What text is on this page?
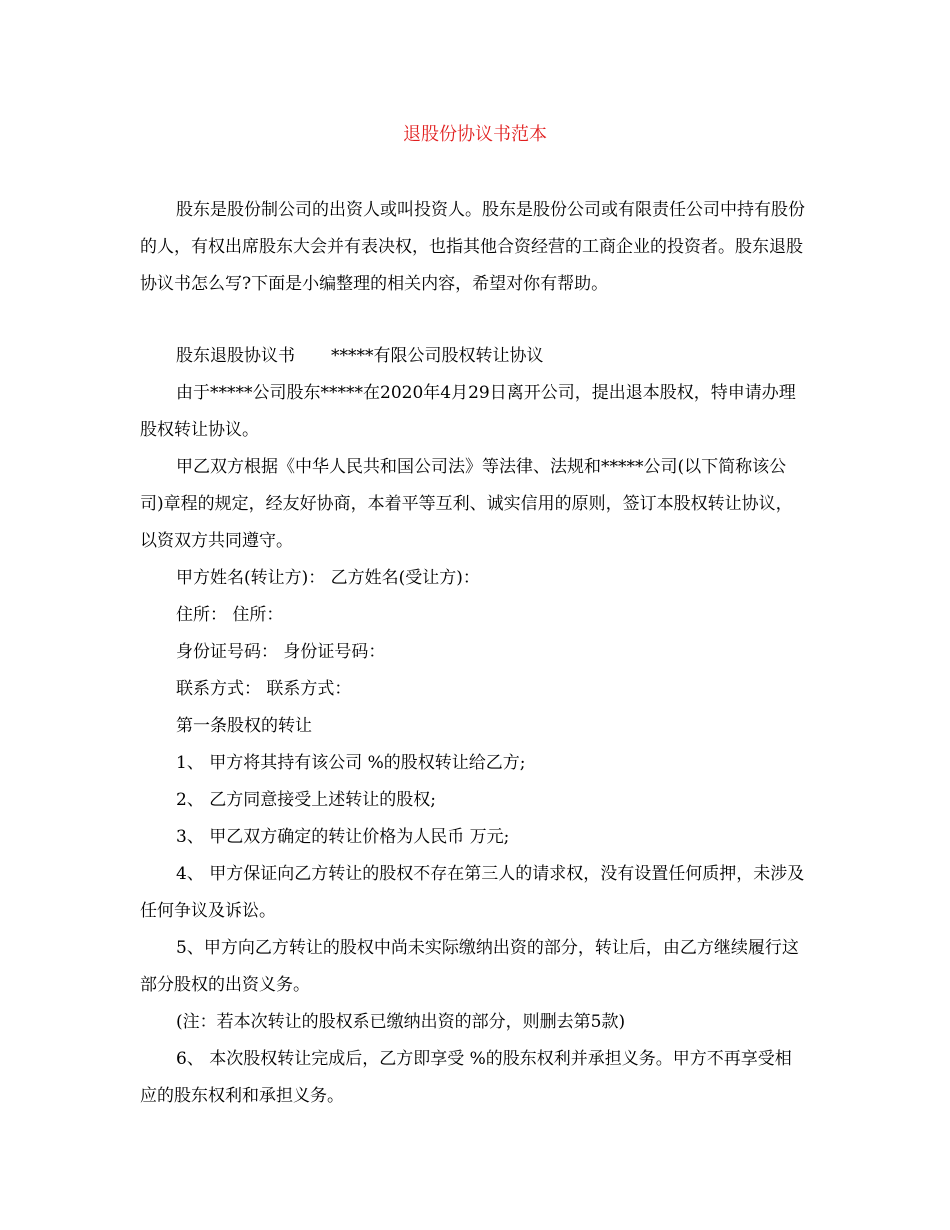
退股份协议书范本

股东是股份制公司的出资人或叫投资人。股东是股份公司或有限责任公司中持有股份的人，有权出席股东大会并有表决权，也指其他合资经营的工商企业的投资者。股东退股协议书怎么写?下面是小编整理的相关内容，希望对你有帮助。

股东退股协议书 *****有限公司股权转让协议

由于*****公司股东*****在2020年4月29日离开公司，提出退本股权，特申请办理股权转让协议。

甲乙双方根据《中华人民共和国公司法》等法律、法规和*****公司(以下简称该公司)章程的规定，经友好协商，本着平等互利、诚实信用的原则，签订本股权转让协议，以资双方共同遵守。

甲方姓名(转让方)： 乙方姓名(受让方)：

住所： 住所：

身份证号码： 身份证号码：

联系方式： 联系方式：

第一条股权的转让

1、 甲方将其持有该公司 %的股权转让给乙方;

2、 乙方同意接受上述转让的股权;

3、 甲乙双方确定的转让价格为人民币 万元;

4、 甲方保证向乙方转让的股权不存在第三人的请求权，没有设置任何质押，未涉及任何争议及诉讼。

5、甲方向乙方转让的股权中尚未实际缴纳出资的部分，转让后，由乙方继续履行这部分股权的出资义务。

(注：若本次转让的股权系已缴纳出资的部分，则删去第5款)

6、 本次股权转让完成后，乙方即享受 %的股东权利并承担义务。甲方不再享受相应的股东权利和承担义务。
